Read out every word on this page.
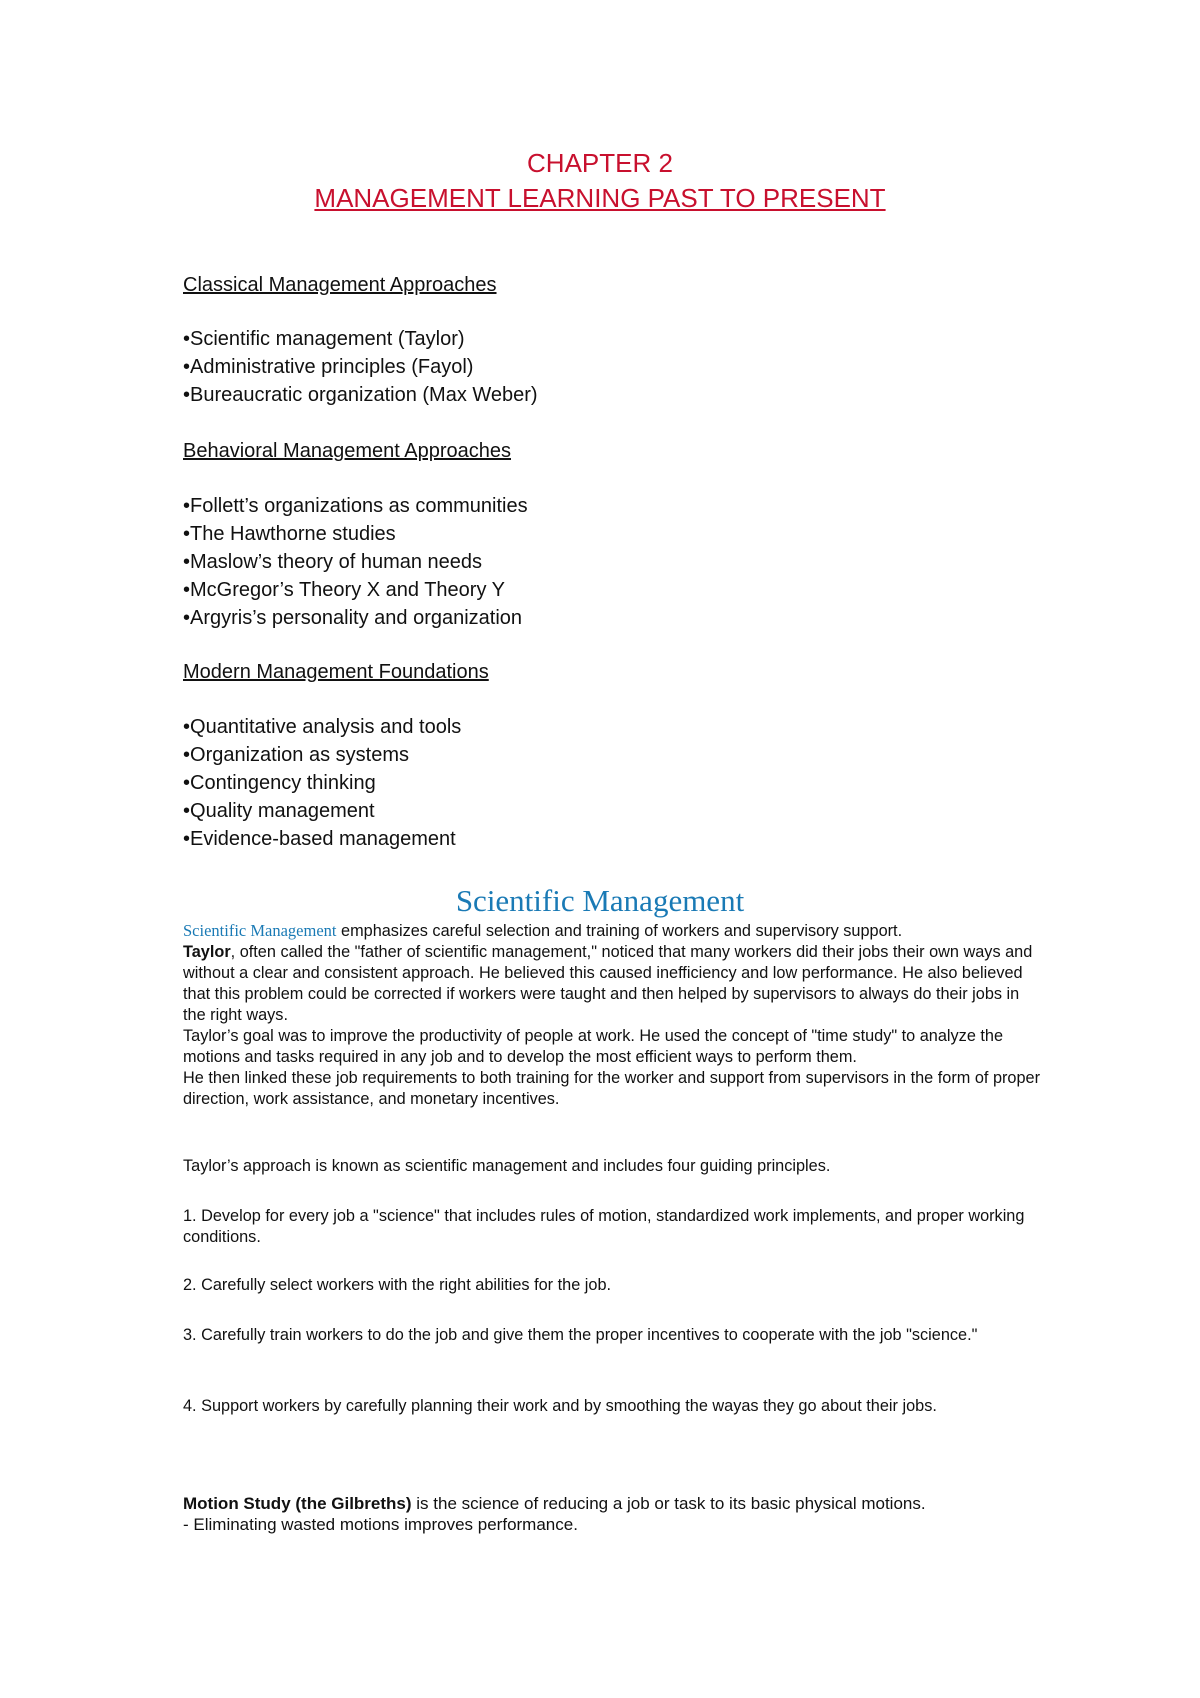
CHAPTER 2
MANAGEMENT LEARNING PAST TO PRESENT
Classical Management Approaches
• Scientific management (Taylor)
• Administrative principles (Fayol)
• Bureaucratic organization (Max Weber)
Behavioral Management Approaches
• Follett’s organizations as communities
• The Hawthorne studies
• Maslow’s theory of human needs
• McGregor’s Theory X and Theory Y
• Argyris’s personality and organization
Modern Management Foundations
• Quantitative analysis and tools
• Organization as systems
• Contingency thinking
• Quality management
• Evidence-based management
Scientific Management

Scientific Management emphasizes careful selection and training of workers and supervisory support.

Taylor, often called the "father of scientific management," noticed that many workers did their jobs their own ways and without a clear and consistent approach. He believed this caused inefficiency and low performance. He also believed that this problem could be corrected if workers were taught and then helped by supervisors to always do their jobs in the right ways.

Taylor’s goal was to improve the productivity of people at work. He used the concept of "time study" to analyze the motions and tasks required in any job and to develop the most efficient ways to perform them.

He then linked these job requirements to both training for the worker and support from supervisors in the form of proper direction, work assistance, and monetary incentives.

Taylor’s approach is known as scientific management and includes four guiding principles.

1. Develop for every job a "science" that includes rules of motion, standardized work implements, and proper working conditions.

2. Carefully select workers with the right abilities for the job.

3. Carefully train workers to do the job and give them the proper incentives to cooperate with the job "science."

4. Support workers by carefully planning their work and by smoothing the wayas they go about their jobs.

Motion Study (the Gilbreths) is the science of reducing a job or task to its basic physical motions.

- Eliminating wasted motions improves performance.
